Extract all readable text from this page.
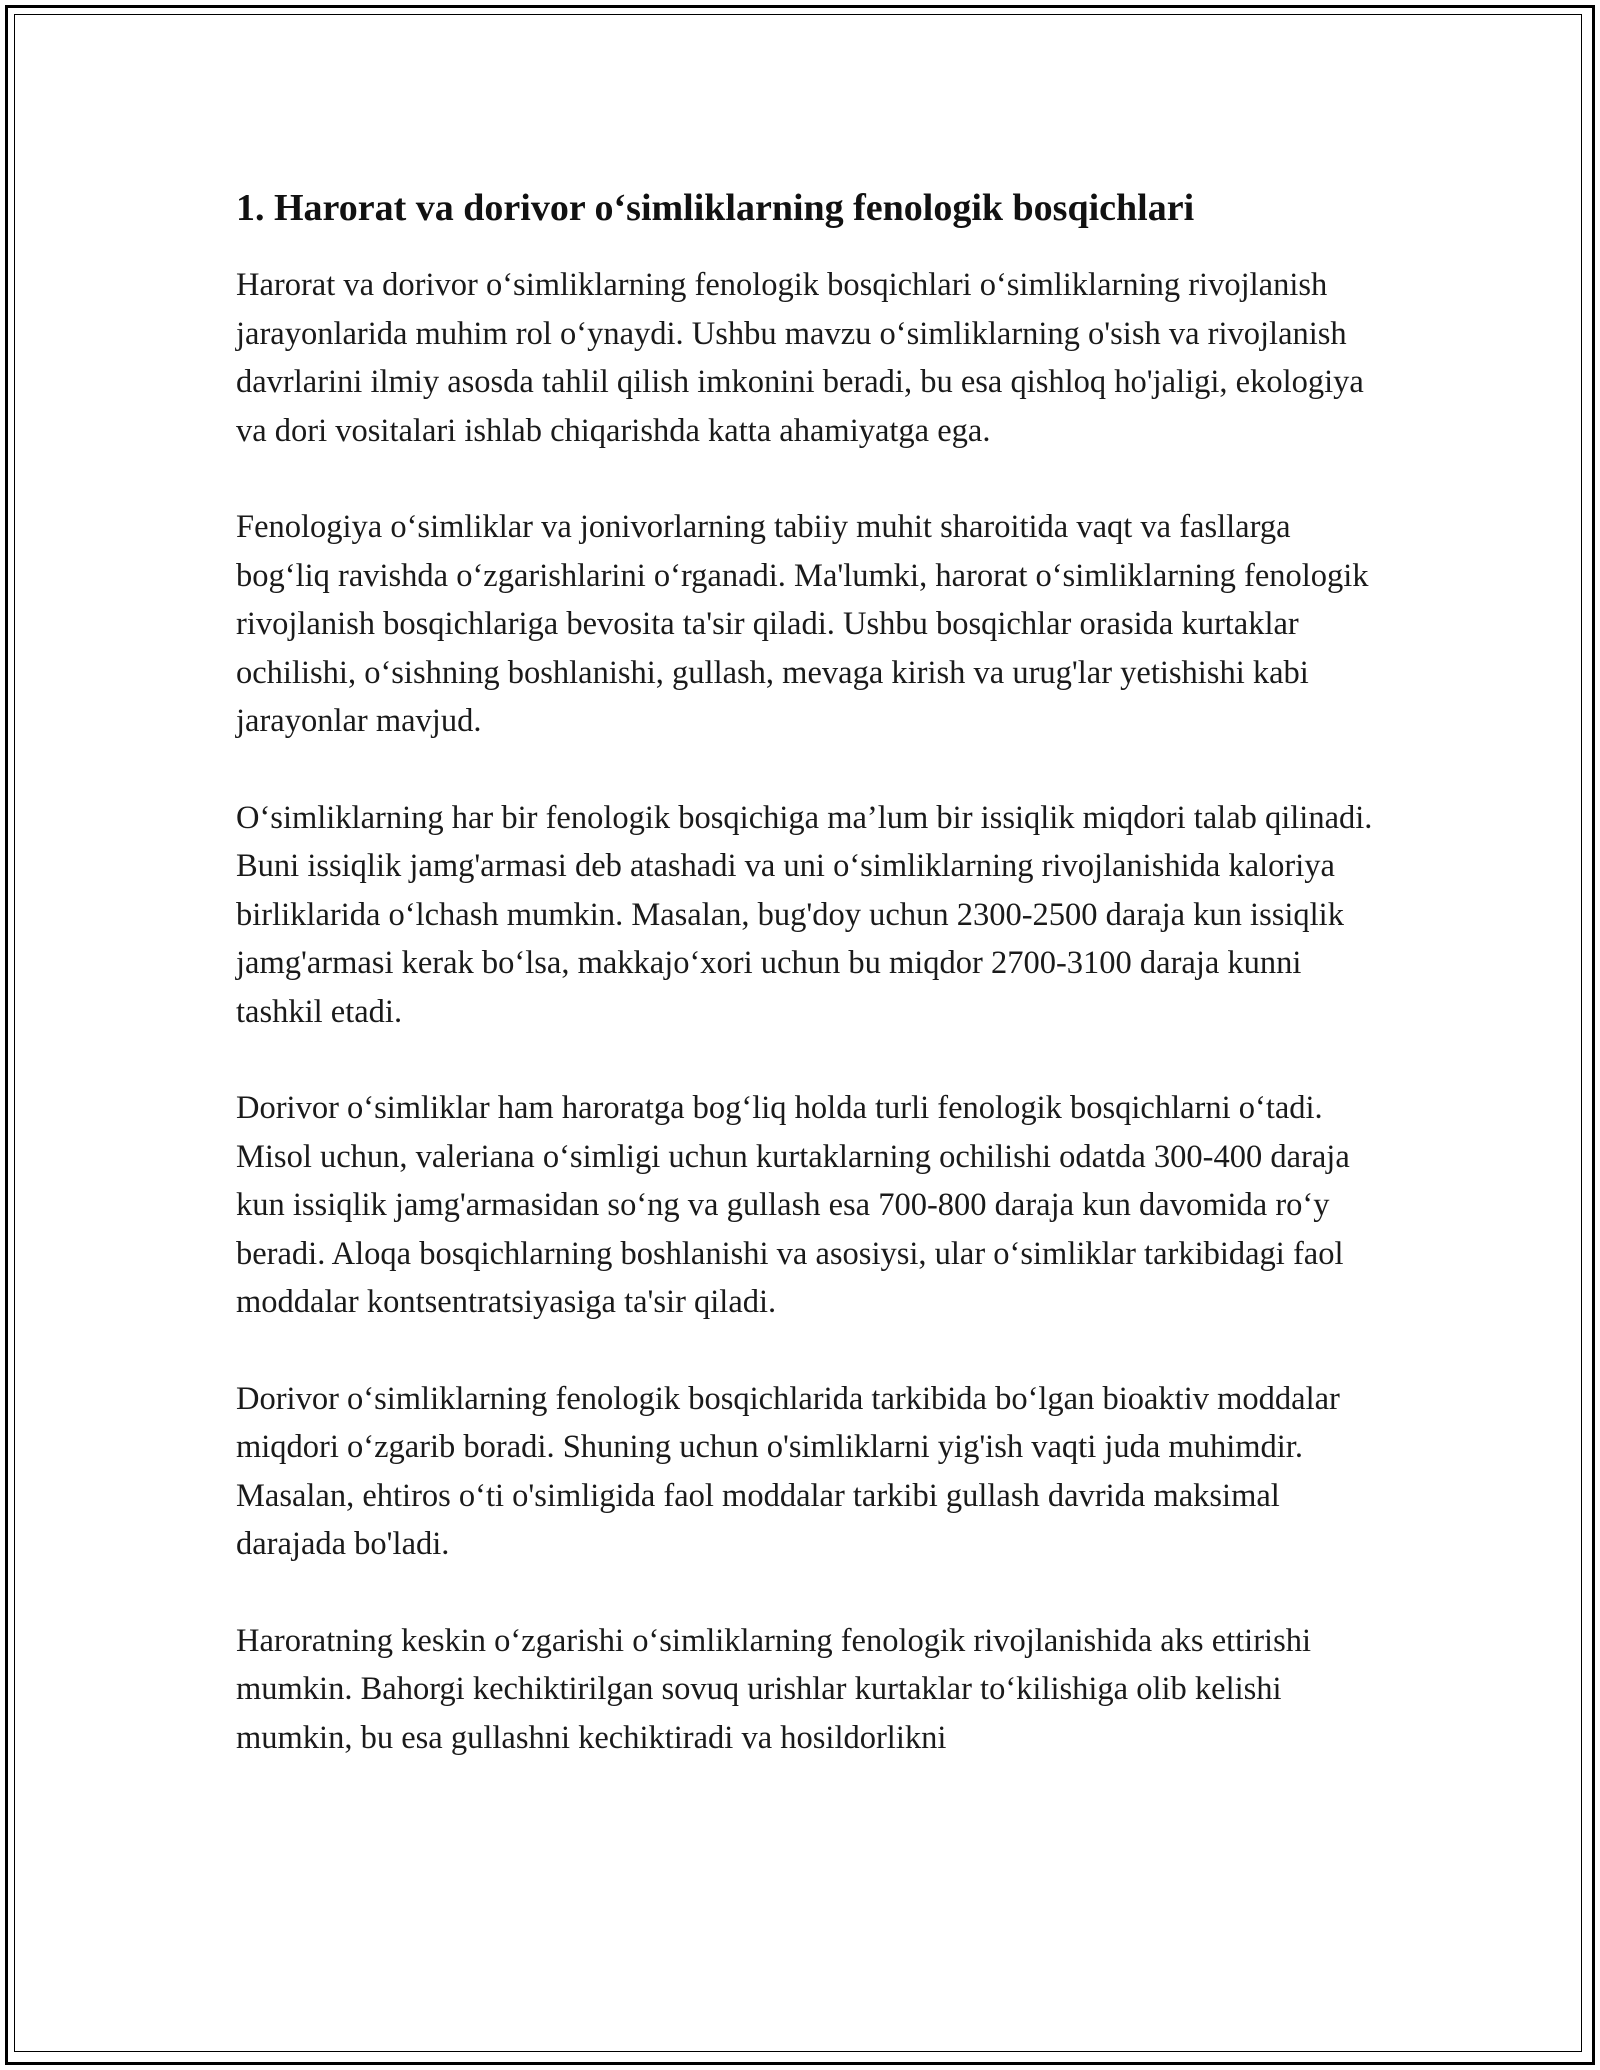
1. Harorat va dorivor o‘simliklarning fenologik bosqichlari

Harorat va dorivor o‘simliklarning fenologik bosqichlari o‘simliklarning rivojlanish jarayonlarida muhim rol o‘ynaydi. Ushbu mavzu o‘simliklarning o'sish va rivojlanish davrlarini ilmiy asosda tahlil qilish imkonini beradi, bu esa qishloq ho'jaligi, ekologiya va dori vositalari ishlab chiqarishda katta ahamiyatga ega.

Fenologiya o‘simliklar va jonivorlarning tabiiy muhit sharoitida vaqt va fasllarga bog‘liq ravishda o‘zgarishlarini o‘rganadi. Ma'lumki, harorat o‘simliklarning fenologik rivojlanish bosqichlariga bevosita ta'sir qiladi. Ushbu bosqichlar orasida kurtaklar ochilishi, o‘sishning boshlanishi, gullash, mevaga kirish va urug'lar yetishishi kabi jarayonlar mavjud.

O‘simliklarning har bir fenologik bosqichiga ma’lum bir issiqlik miqdori talab qilinadi. Buni issiqlik jamg'armasi deb atashadi va uni o‘simliklarning rivojlanishida kaloriya birliklarida o‘lchash mumkin. Masalan, bug'doy uchun 2300-2500 daraja kun issiqlik jamg'armasi kerak bo‘lsa, makkajo‘xori uchun bu miqdor 2700-3100 daraja kunni tashkil etadi.

Dorivor o‘simliklar ham haroratga bog‘liq holda turli fenologik bosqichlarni o‘tadi. Misol uchun, valeriana o‘simligi uchun kurtaklarning ochilishi odatda 300-400 daraja kun issiqlik jamg'armasidan so‘ng va gullash esa 700-800 daraja kun davomida ro‘y beradi. Aloqa bosqichlarning boshlanishi va asosiysi, ular o‘simliklar tarkibidagi faol moddalar kontsentratsiyasiga ta'sir qiladi.

Dorivor o‘simliklarning fenologik bosqichlarida tarkibida bo‘lgan bioaktiv moddalar miqdori o‘zgarib boradi. Shuning uchun o'simliklarni yig'ish vaqti juda muhimdir. Masalan, ehtiros o‘ti o'simligida faol moddalar tarkibi gullash davrida maksimal darajada bo'ladi.

Haroratning keskin o‘zgarishi o‘simliklarning fenologik rivojlanishida aks ettirishi mumkin. Bahorgi kechiktirilgan sovuq urishlar kurtaklar to‘kilishiga olib kelishi mumkin, bu esa gullashni kechiktiradi va hosildorlikni
